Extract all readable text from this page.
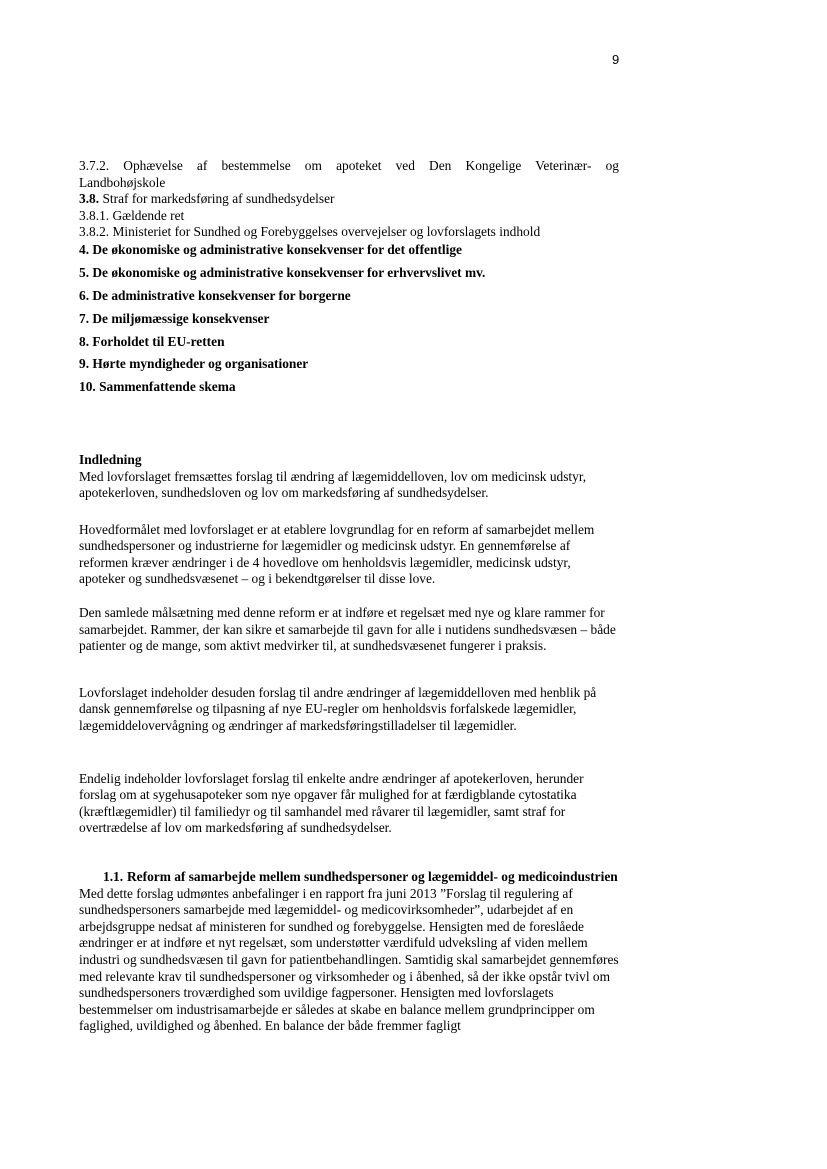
9

3.7.2. Ophævelse af bestemmelse om apoteket ved Den Kongelige Veterinær- og

Landbohøjskole

3.8. Straf for markedsføring af sundhedsydelser

3.8.1. Gældende ret

3.8.2. Ministeriet for Sundhed og Forebyggelses overvejelser og lovforslagets indhold

4. De økonomiske og administrative konsekvenser for det offentlige

5. De økonomiske og administrative konsekvenser for erhvervslivet mv.

6. De administrative konsekvenser for borgerne

7. De miljømæssige konsekvenser

8. Forholdet til EU-retten

9. Hørte myndigheder og organisationer

10. Sammenfattende skema

Indledning

Med lovforslaget fremsættes forslag til ændring af lægemiddelloven, lov om medicinsk udstyr, apotekerloven, sundhedsloven og lov om markedsføring af sundhedsydelser.

Hovedformålet med lovforslaget er at etablere lovgrundlag for en reform af samarbejdet mellem sundhedspersoner og industrierne for lægemidler og medicinsk udstyr. En gennemførelse af reformen kræver ændringer i de 4 hovedlove om henholdsvis lægemidler, medicinsk udstyr, apoteker og sundhedsvæsenet – og i bekendtgørelser til disse love.

Den samlede målsætning med denne reform er at indføre et regelsæt med nye og klare rammer for samarbejdet. Rammer, der kan sikre et samarbejde til gavn for alle i nutidens sundhedsvæsen – både patienter og de mange, som aktivt medvirker til, at sundhedsvæsenet fungerer i praksis.

Lovforslaget indeholder desuden forslag til andre ændringer af lægemiddelloven med henblik på dansk gennemførelse og tilpasning af nye EU-regler om henholdsvis forfalskede lægemidler, lægemiddelovervågning og ændringer af markedsføringstilladelser til lægemidler.

Endelig indeholder lovforslaget forslag til enkelte andre ændringer af apotekerloven, herunder forslag om at sygehusapoteker som nye opgaver får mulighed for at færdigblande cytostatika (kræftlægemidler) til familiedyr og til samhandel med råvarer til lægemidler, samt straf for overtrædelse af lov om markedsføring af sundhedsydelser.

1.1. Reform af samarbejde mellem sundhedspersoner og lægemiddel- og medicoindustrien

Med dette forslag udmøntes anbefalinger i en rapport fra juni 2013 ”Forslag til regulering af sundhedspersoners samarbejde med lægemiddel- og medicovirksomheder”, udarbejdet af en arbejdsgruppe nedsat af ministeren for sundhed og forebyggelse. Hensigten med de foreslåede ændringer er at indføre et nyt regelsæt, som understøtter værdifuld udveksling af viden mellem industri og sundhedsvæsen til gavn for patientbehandlingen. Samtidig skal samarbejdet gennemføres med relevante krav til sundhedspersoner og virksomheder og i åbenhed, så der ikke opstår tvivl om sundhedspersoners troværdighed som uvildige fagpersoner. Hensigten med lovforslagets bestemmelser om industrisamarbejde er således at skabe en balance mellem grundprincipper om faglighed, uvildighed og åbenhed. En balance der både fremmer fagligt
